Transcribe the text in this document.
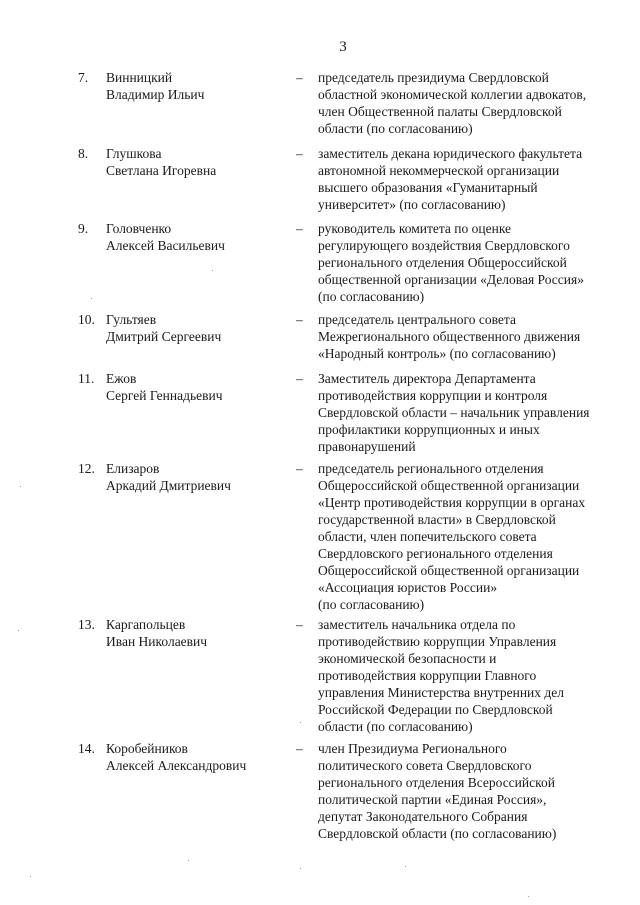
3
7.	Винницкий
Владимир Ильич
– председатель президиума Свердловской
областной экономической коллегии адвокатов,
член Общественной палаты Свердловской
области (по согласованию)
8.	Глушкова
Светлана Игоревна
– заместитель декана юридического факультета
автономной некоммерческой организации
высшего образования «Гуманитарный
университет» (по согласованию)
9.	Головченко
Алексей Васильевич
– руководитель комитета по оценке
регулирующего воздействия Свердловского
регионального отделения Общероссийской
общественной организации «Деловая Россия»
(по согласованию)
10. Гультяев
Дмитрий Сергеевич
– председатель центрального совета
Межрегионального общественного движения
«Народный контроль» (по согласованию)
11. Ежов
Сергей Геннадьевич
– Заместитель директора Департамента
противодействия коррупции и контроля
Свердловской области – начальник управления
профилактики коррупционных и иных
правонарушений
12. Елизаров
Аркадий Дмитриевич
– председатель регионального отделения
Общероссийской общественной организации
«Центр противодействия коррупции в органах
государственной власти» в Свердловской
области, член попечительского совета
Свердловского регионального отделения
Общероссийской общественной организации
«Ассоциация юристов России»
(по согласованию)
13. Каргапольцев
Иван Николаевич
– заместитель начальника отдела по
противодействию коррупции Управления
экономической безопасности и
противодействия коррупции Главного
управления Министерства внутренних дел
Российской Федерации по Свердловской
области (по согласованию)
14. Коробейников
Алексей Александрович
– член Президиума Регионального
политического совета Свердловского
регионального отделения Всероссийской
политической партии «Единая Россия»,
депутат Законодательного Собрания
Свердловской области (по согласованию)
